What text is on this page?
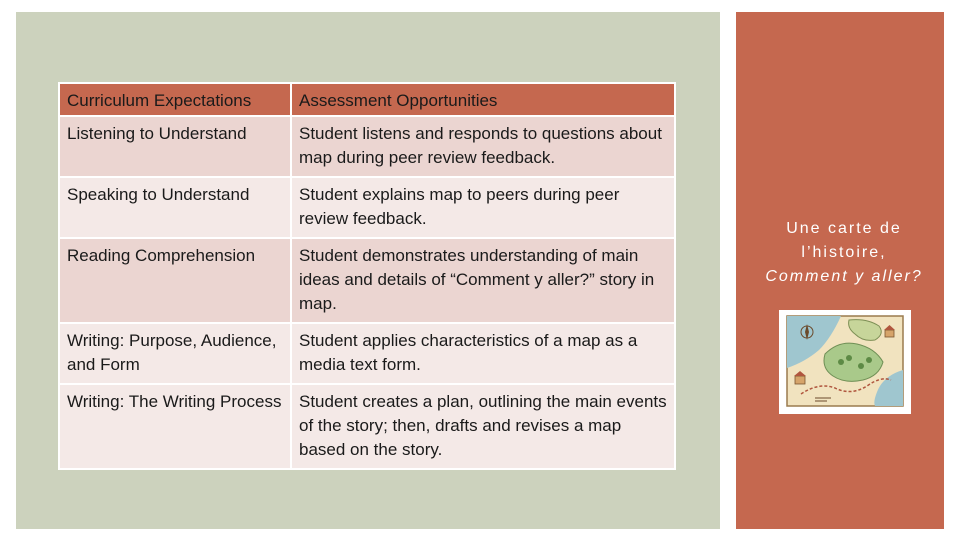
Curriculum Expectations	Assessment Opportunities
Listening to Understand	Student listens and responds to questions about map during peer review feedback.
Speaking to Understand	Student explains map to peers during peer review feedback.
Reading Comprehension	Student demonstrates understanding of main ideas and details of “Comment y aller?” story in map.
Writing: Purpose, Audience, and Form	Student applies characteristics of a map as a media text form.
Writing: The Writing Process	Student creates a plan, outlining the main events of the story; then, drafts and revises a map based on the story.
Une carte de
l’histoire,
Comment y aller?
